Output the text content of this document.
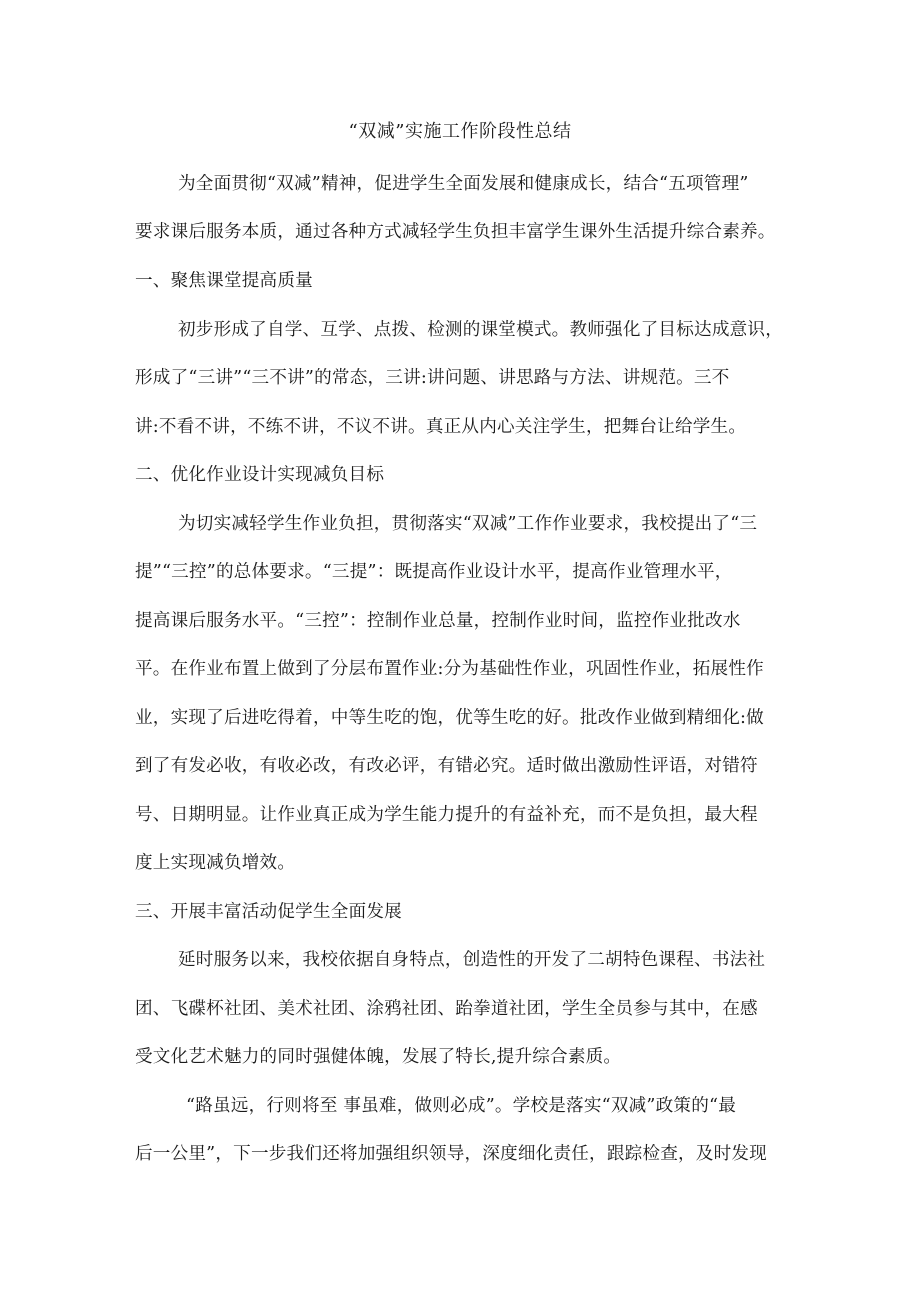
“双减”实施工作阶段性总结
为全面贯彻“双减”精神，促进学生全面发展和健康成长，结合“五项管理”
要求课后服务本质，通过各种方式减轻学生负担丰富学生课外生活提升综合素养。
一、聚焦课堂提高质量
初步形成了自学、互学、点拨、检测的课堂模式。教师强化了目标达成意识，
形成了“三讲”“三不讲”的常态，三讲:讲问题、讲思路与方法、讲规范。三不
讲:不看不讲，不练不讲，不议不讲。真正从内心关注学生，把舞台让给学生。
二、优化作业设计实现减负目标
为切实减轻学生作业负担，贯彻落实“双减”工作作业要求，我校提出了“三
提”“三控”的总体要求。“三提”：既提高作业设计水平，提高作业管理水平，
提高课后服务水平。“三控”：控制作业总量，控制作业时间，监控作业批改水
平。在作业布置上做到了分层布置作业:分为基础性作业，巩固性作业，拓展性作
业，实现了后进吃得着，中等生吃的饱，优等生吃的好。批改作业做到精细化:做
到了有发必收，有收必改，有改必评，有错必究。适时做出激励性评语，对错符
号、日期明显。让作业真正成为学生能力提升的有益补充，而不是负担，最大程
度上实现减负增效。
三、开展丰富活动促学生全面发展
延时服务以来，我校依据自身特点，创造性的开发了二胡特色课程、书法社
团、飞碟杯社团、美术社团、涂鸦社团、跆拳道社团，学生全员参与其中，在感
受文化艺术魅力的同时强健体魄，发展了特长,提升综合素质。
“路虽远，行则将至 事虽难，做则必成”。学校是落实“双减”政策的“最
后一公里”，下一步我们还将加强组织领导，深度细化责任，跟踪检查，及时发现
